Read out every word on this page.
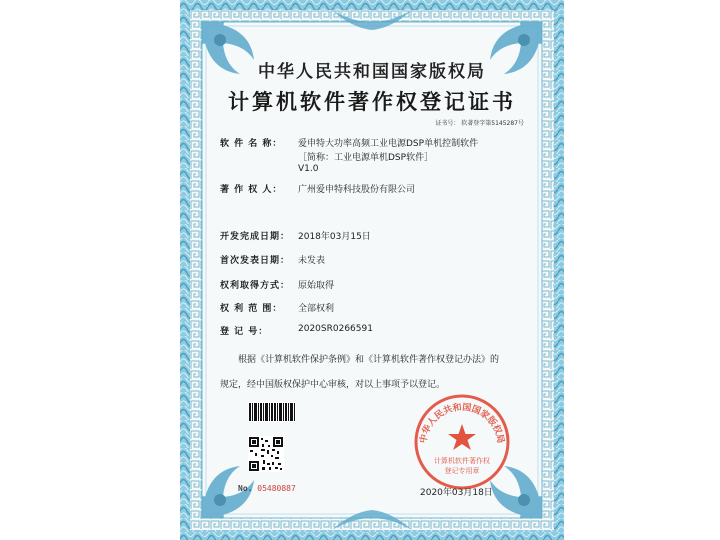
中华人民共和国国家版权局
计算机软件著作权登记证书
证书号： 软著登字第5145287号
软 件 名 称： 爱申特大功率高频工业电源DSP单机控制软件
［简称：工业电源单机DSP软件］
V1.0
著 作 权 人： 广州爱申特科技股份有限公司
开发完成日期： 2018年03月15日
首次发表日期： 未发表
权利取得方式： 原始取得
权 利 范 围： 全部权利
登 记 号：	2020SR0266591
根据《计算机软件保护条例》和《计算机软件著作权登记办法》的
规定，经中国版权保护中心审核，对以上事项予以登记。
No. 05480887
中华人民共和国国家版权局
计算机软件著作权
登记专用章
2020年03月18日
